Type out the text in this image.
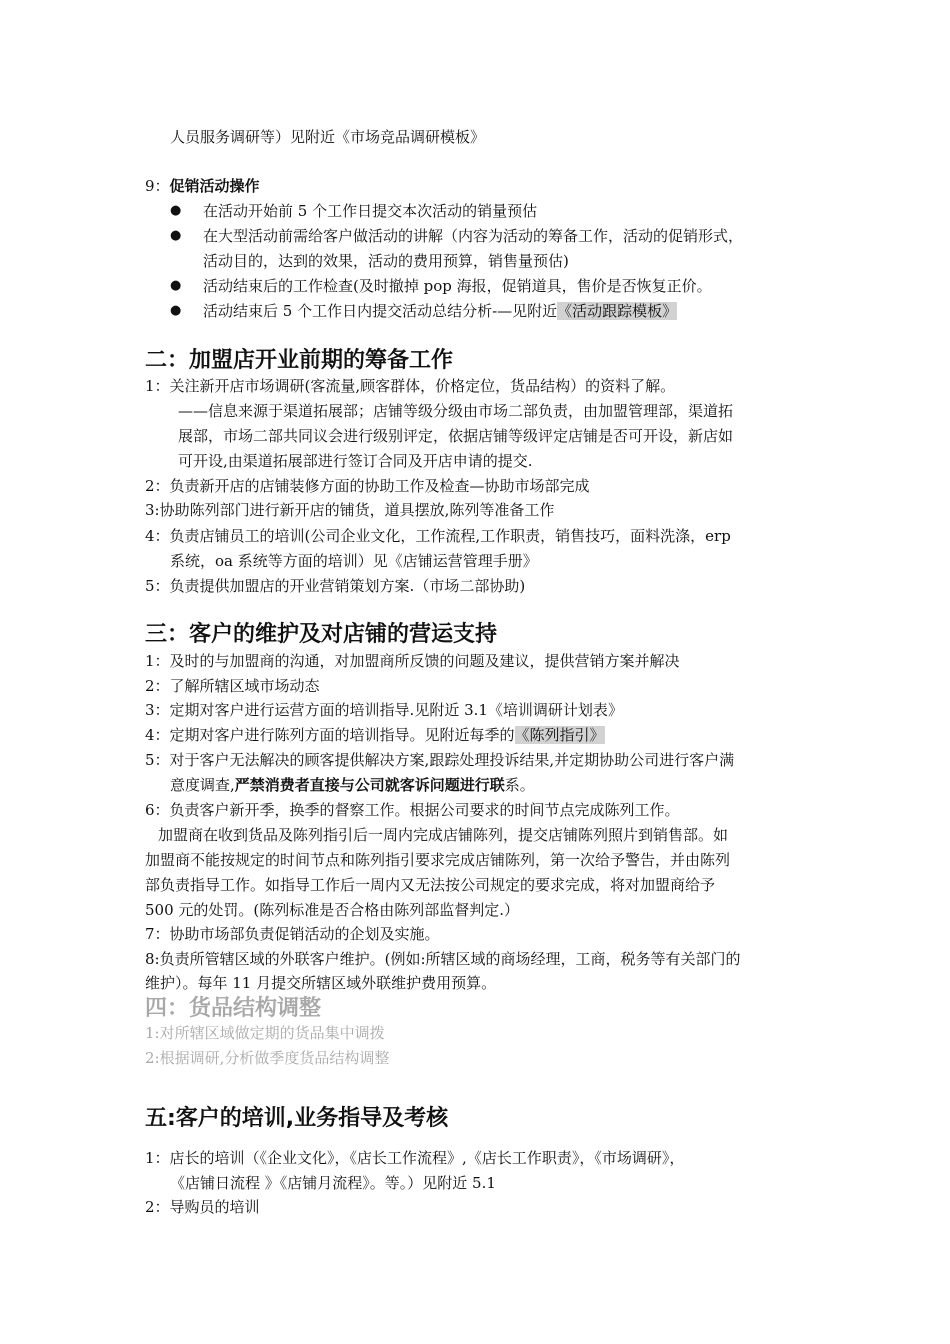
人员服务调研等）见附近《市场竞品调研模板》
9：促销活动操作
● 在活动开始前 5 个工作日提交本次活动的销量预估
● 在大型活动前需给客户做活动的讲解（内容为活动的筹备工作，活动的促销形式，
活动目的，达到的效果，活动的费用预算，销售量预估)
● 活动结束后的工作检查(及时撤掉 pop 海报，促销道具，售价是否恢复正价。
● 活动结束后 5 个工作日内提交活动总结分析-—见附近《活动跟踪模板》
二：加盟店开业前期的筹备工作
1：关注新开店市场调研(客流量,顾客群体，价格定位，货品结构）的资料了解。
——信息来源于渠道拓展部；店铺等级分级由市场二部负责，由加盟管理部，渠道拓
展部，市场二部共同议会进行级别评定，依据店铺等级评定店铺是否可开设，新店如
可开设,由渠道拓展部进行签订合同及开店申请的提交.
2：负责新开店的店铺装修方面的协助工作及检查—协助市场部完成
3:协助陈列部门进行新开店的铺货，道具摆放,陈列等准备工作
4：负责店铺员工的培训(公司企业文化，工作流程,工作职责，销售技巧，面料洗涤，erp
系统，oa 系统等方面的培训）见《店铺运营管理手册》
5：负责提供加盟店的开业营销策划方案.（市场二部协助)
三：客户的维护及对店铺的营运支持
1：及时的与加盟商的沟通，对加盟商所反馈的问题及建议，提供营销方案并解决
2：了解所辖区域市场动态
3：定期对客户进行运营方面的培训指导.见附近 3.1《培训调研计划表》
4：定期对客户进行陈列方面的培训指导。见附近每季的《陈列指引》
5：对于客户无法解决的顾客提供解决方案,跟踪处理投诉结果,并定期协助公司进行客户满
意度调查,严禁消费者直接与公司就客诉问题进行联系。
6：负责客户新开季，换季的督察工作。根据公司要求的时间节点完成陈列工作。
加盟商在收到货品及陈列指引后一周内完成店铺陈列，提交店铺陈列照片到销售部。如
加盟商不能按规定的时间节点和陈列指引要求完成店铺陈列，第一次给予警告，并由陈列
部负责指导工作。如指导工作后一周内又无法按公司规定的要求完成，将对加盟商给予
500 元的处罚。(陈列标准是否合格由陈列部监督判定.）
7：协助市场部负责促销活动的企划及实施。
8:负责所管辖区域的外联客户维护。(例如:所辖区域的商场经理，工商，税务等有关部门的
维护）。每年 11 月提交所辖区域外联维护费用预算。
四：货品结构调整
1:对所辖区域做定期的货品集中调拨
2:根据调研,分析做季度货品结构调整
五:客户的培训,业务指导及考核
1：店长的培训（《企业文化》，《店长工作流程》,《店长工作职责》，《市场调研》，
《店铺日流程 》《店铺月流程》。等。）见附近 5.1
2：导购员的培训
